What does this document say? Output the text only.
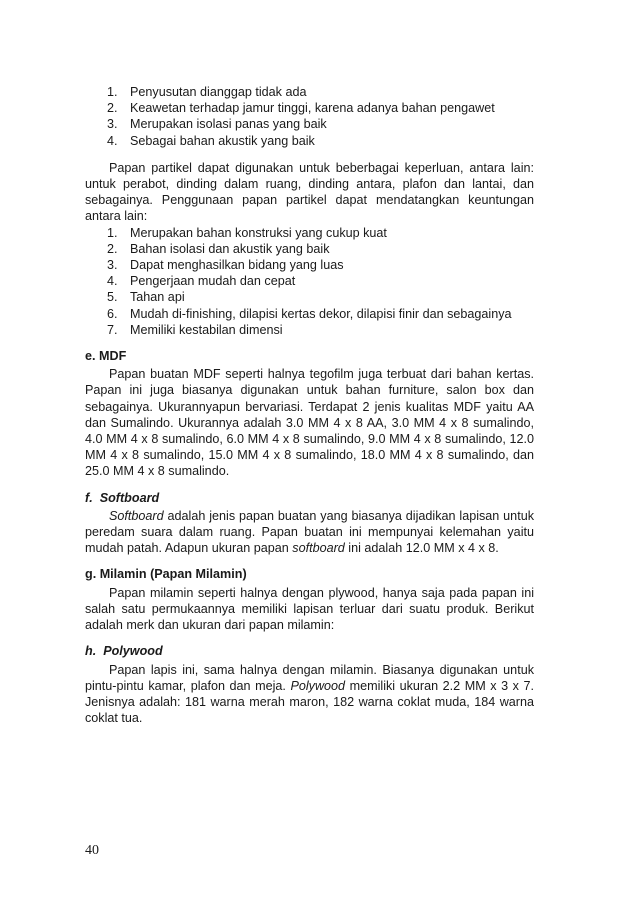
1. Penyusutan dianggap tidak ada
2. Keawetan terhadap jamur tinggi, karena adanya bahan pengawet
3. Merupakan isolasi panas yang baik
4. Sebagai bahan akustik yang baik

Papan partikel dapat digunakan untuk beberbagai keperluan, antara lain: untuk perabot, dinding dalam ruang, dinding antara, plafon dan lantai, dan sebagainya. Penggunaan papan partikel dapat mendatangkan keuntungan antara lain:

1. Merupakan bahan konstruksi yang cukup kuat
2. Bahan isolasi dan akustik yang baik
3. Dapat menghasilkan bidang yang luas
4. Pengerjaan mudah dan cepat
5. Tahan api
6. Mudah di-finishing, dilapisi kertas dekor, dilapisi finir dan sebagainya
7. Memiliki kestabilan dimensi
e. MDF

Papan buatan MDF seperti halnya tegofilm juga terbuat dari bahan kertas. Papan ini juga biasanya digunakan untuk bahan furniture, salon box dan sebagainya. Ukurannyapun bervariasi. Terdapat 2 jenis kualitas MDF yaitu AA dan Sumalindo. Ukurannya adalah 3.0 MM 4 x 8 AA, 3.0 MM 4 x 8 sumalindo, 4.0 MM 4 x 8 sumalindo, 6.0 MM 4 x 8 sumalindo, 9.0 MM 4 x 8 sumalindo, 12.0 MM 4 x 8 sumalindo, 15.0 MM 4 x 8 sumalindo, 18.0 MM 4 x 8 sumalindo, dan 25.0 MM 4 x 8 sumalindo.

f. Softboard

Softboard adalah jenis papan buatan yang biasanya dijadikan lapisan untuk peredam suara dalam ruang. Papan buatan ini mempunyai kelemahan yaitu mudah patah. Adapun ukuran papan softboard ini adalah 12.0 MM x 4 x 8.

g. Milamin (Papan Milamin)

Papan milamin seperti halnya dengan plywood, hanya saja pada papan ini salah satu permukaannya memiliki lapisan terluar dari suatu produk. Berikut adalah merk dan ukuran dari papan milamin:

h. Polywood

Papan lapis ini, sama halnya dengan milamin. Biasanya digunakan untuk pintu-pintu kamar, plafon dan meja. Polywood memiliki ukuran 2.2 MM x 3 x 7. Jenisnya adalah: 181 warna merah maron, 182 warna coklat muda, 184 warna coklat tua.

40
